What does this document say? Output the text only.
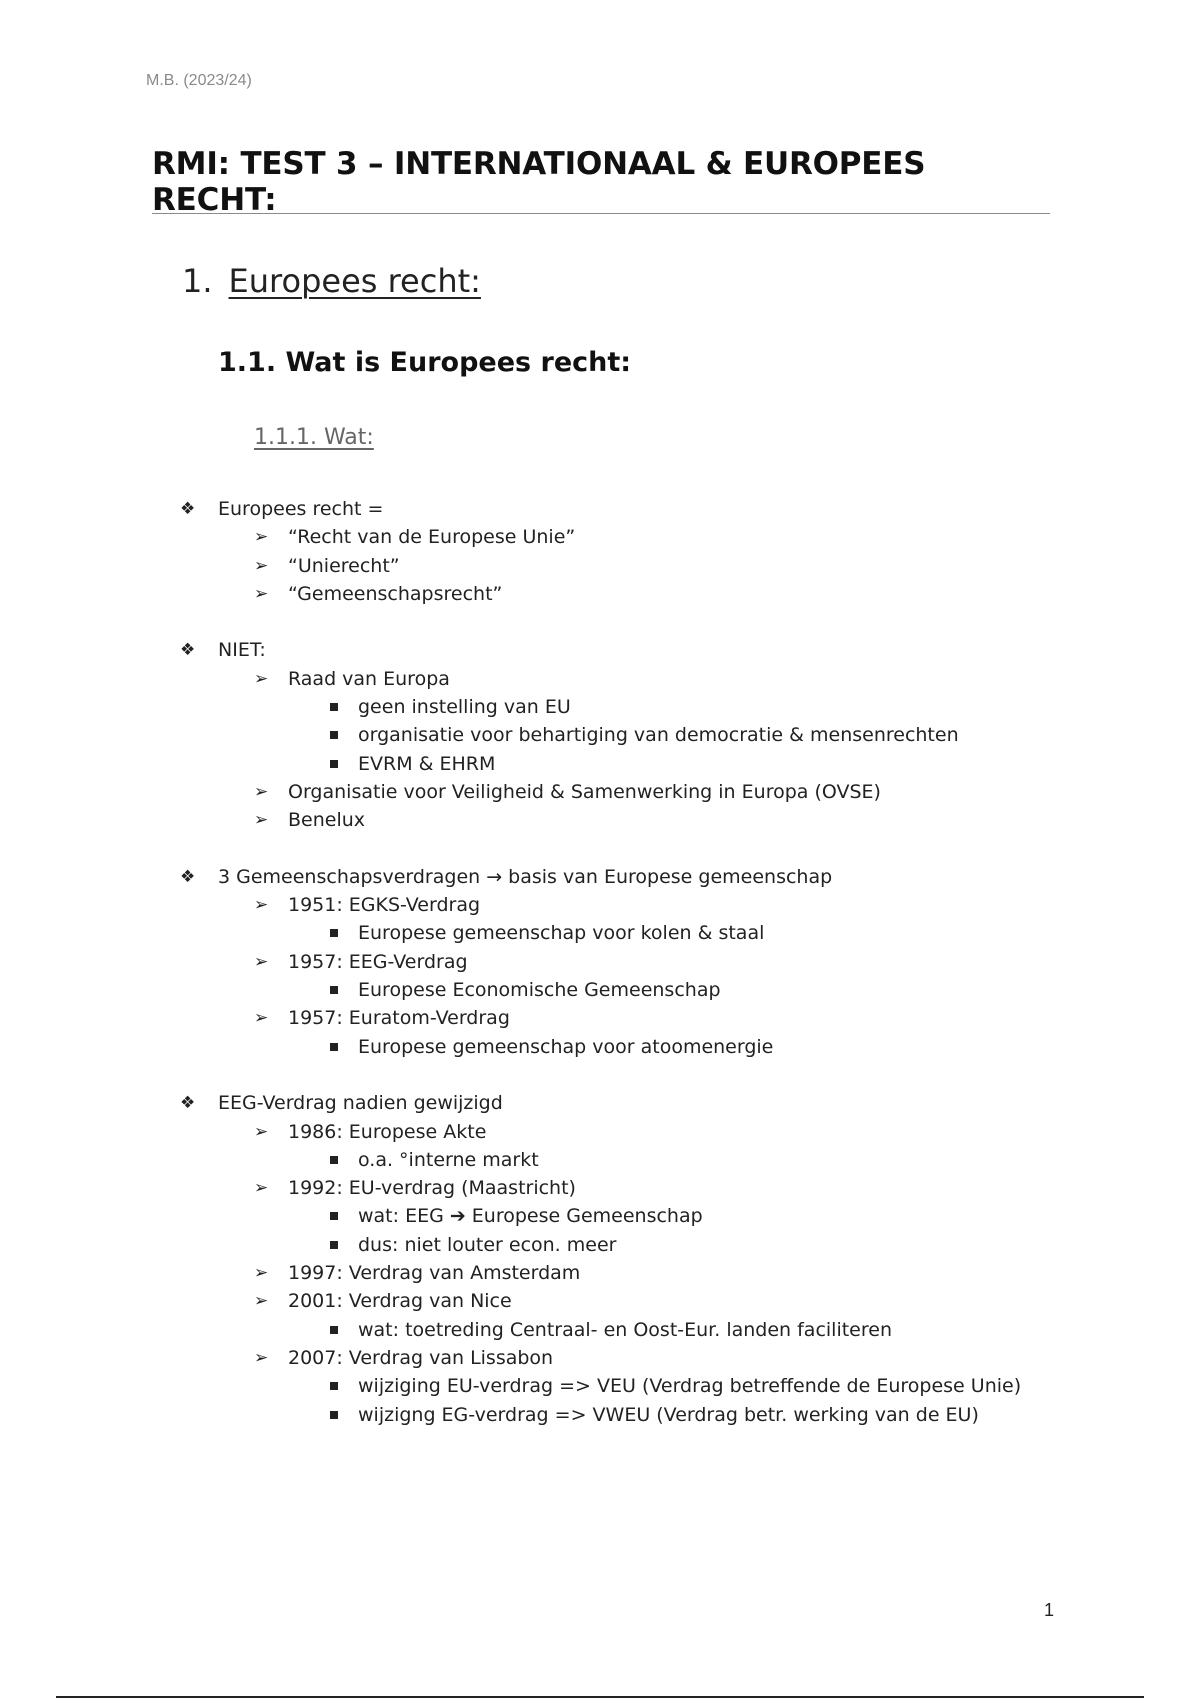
M.B. (2023/24)
RMI: TEST 3 – INTERNATIONAAL & EUROPEES RECHT:
1. Europees recht:
1.1. Wat is Europees recht:
1.1.1. Wat:
❖ Europees recht =
➢ “Recht van de Europese Unie”
➢ “Unierecht”
➢ “Gemeenschapsrecht”
❖ NIET:
➢ Raad van Europa
geen instelling van EU
organisatie voor behartiging van democratie & mensenrechten
EVRM & EHRM
➢ Organisatie voor Veiligheid & Samenwerking in Europa (OVSE)
➢ Benelux
❖ 3 Gemeenschapsverdragen → basis van Europese gemeenschap
➢ 1951: EGKS-Verdrag
Europese gemeenschap voor kolen & staal
➢ 1957: EEG-Verdrag
Europese Economische Gemeenschap
➢ 1957: Euratom-Verdrag
Europese gemeenschap voor atoomenergie
❖ EEG-Verdrag nadien gewijzigd
➢ 1986: Europese Akte
o.a. °interne markt
➢ 1992: EU-verdrag (Maastricht)
wat: EEG ➔ Europese Gemeenschap
dus: niet louter econ. meer
➢ 1997: Verdrag van Amsterdam
➢ 2001: Verdrag van Nice
wat: toetreding Centraal- en Oost-Eur. landen faciliteren
➢ 2007: Verdrag van Lissabon
wijziging EU-verdrag => VEU (Verdrag betreffende de Europese Unie)
wijzigng EG-verdrag => VWEU (Verdrag betr. werking van de EU)
1
